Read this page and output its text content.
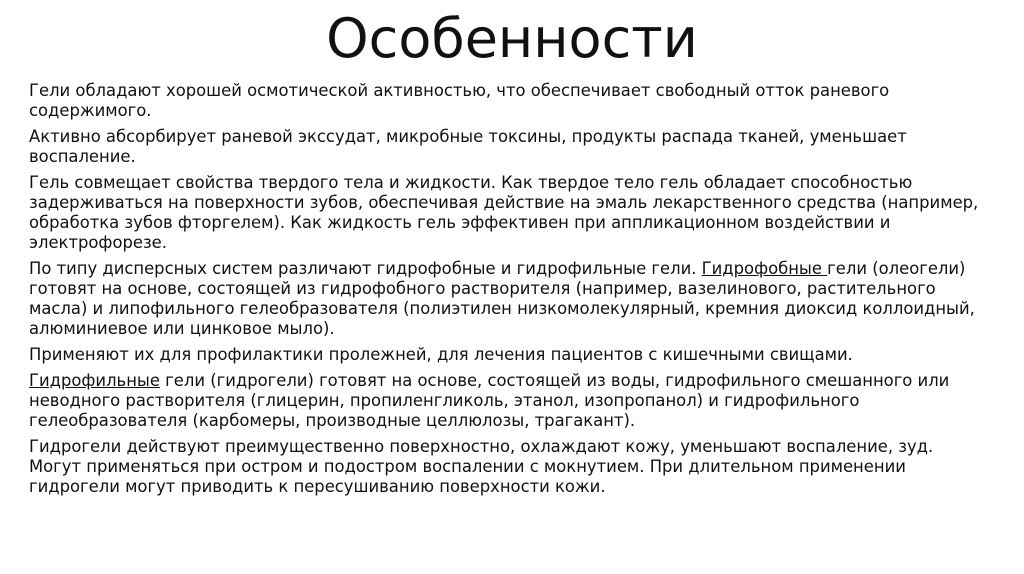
Особенности

Гели обладают хорошей осмотической активностью, что обеспечивает свободный отток раневого содержимого.

Активно абсорбирует раневой экссудат, микробные токсины, продукты распада тканей, уменьшает воспаление.

Гель совмещает свойства твердого тела и жидкости. Как твердое тело гель обладает способностью задерживаться на поверхности зубов, обеспечивая действие на эмаль лекарственного средства (например, обработка зубов фторгелем). Как жидкость гель эффективен при аппликационном воздействии и электрофорезе.

По типу дисперсных систем различают гидрофобные и гидрофильные гели. Гидрофобные гели (олеогели) готовят на основе, состоящей из гидрофобного растворителя (например, вазелинового, растительного масла) и липофильного гелеобразователя (полиэтилен низкомолекулярный, кремния диоксид коллоидный, алюминиевое или цинковое мыло).

Применяют их для профилактики пролежней, для лечения пациентов с кишечными свищами.

Гидрофильные гели (гидрогели) готовят на основе, состоящей из воды, гидрофильного смешанного или неводного растворителя (глицерин, пропиленгликоль, этанол, изопропанол) и гидрофильного гелеобразователя (карбомеры, производные целлюлозы, трагакант).

Гидрогели действуют преимущественно поверхностно, охлаждают кожу, уменьшают воспаление, зуд. Могут применяться при остром и подостром воспалении с мокнутием. При длительном применении гидрогели могут приводить к пересушиванию поверхности кожи.
